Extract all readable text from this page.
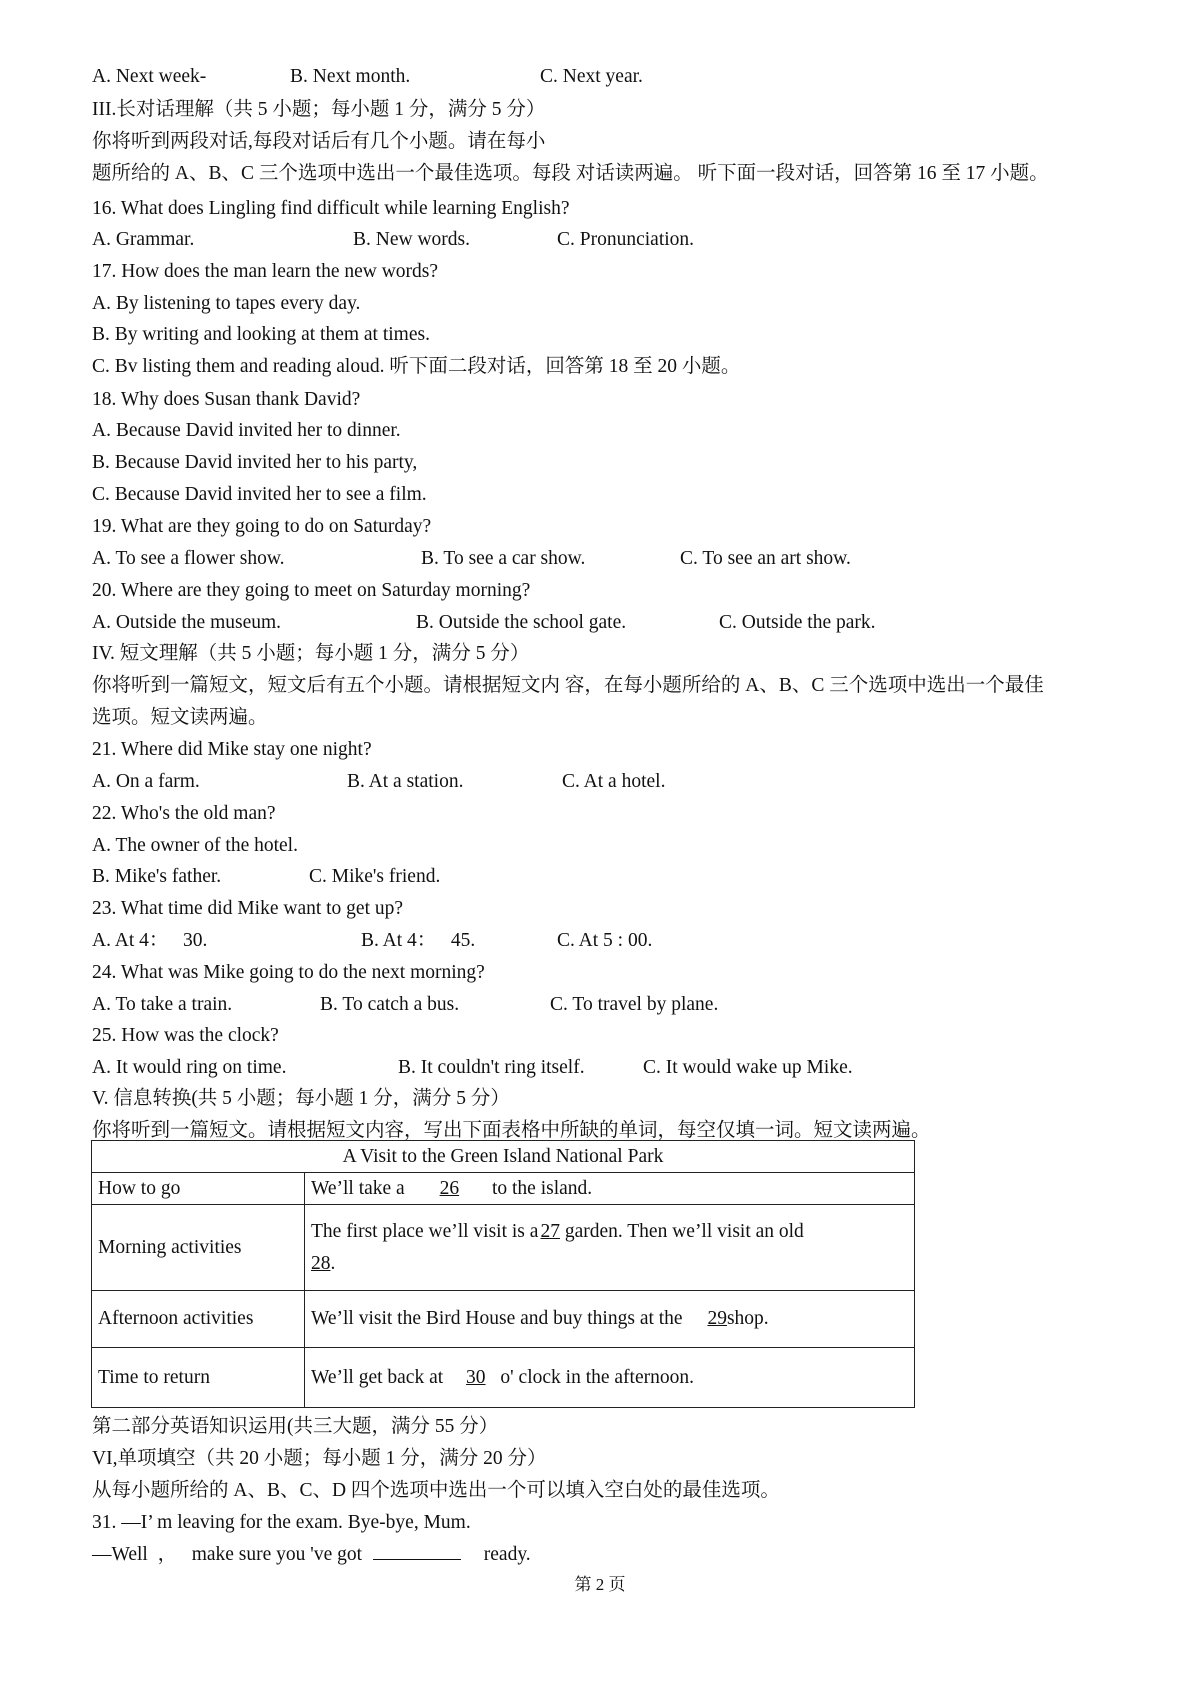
A. Next week-	B. Next month.	C. Next year.
III.长对话理解（共 5 小题；每小题 1 分，满分 5 分）
你将听到两段对话,每段对话后有几个小题。请在每小
题所给的 A、B、C 三个选项中选出一个最佳选项。每段 对话读两遍。 听下面一段对话，回答第 16 至 17 小题。
16. What does Lingling find difficult while learning English?
A. Grammar.	B. New words.	C. Pronunciation.
17. How does the man learn the new words?
A. By listening to tapes every day.
B. By writing and looking at them at times.
C. Bv listing them and reading aloud. 听下面二段对话，回答第 18 至 20 小题。
18. Why does Susan thank David?
A. Because David invited her to dinner.
B. Because David invited her to his party,
C. Because David invited her to see a film.
19. What are they going to do on Saturday?
A. To see a flower show.	B. To see a car show.	C. To see an art show.
20. Where are they going to meet on Saturday morning?
A. Outside the museum.	B. Outside the school gate.	C. Outside the park.
IV. 短文理解（共 5 小题；每小题 1 分，满分 5 分）
你将听到一篇短文，短文后有五个小题。请根据短文内 容，在每小题所给的 A、B、C 三个选项中选出一个最佳
选项。短文读两遍。
21. Where did Mike stay one night?
A. On a farm.	B. At a station.	C. At a hotel.
22. Who's the old man?
A. The owner of the hotel.
B. Mike's father.	C. Mike's friend.
23. What time did Mike want to get up?
A. At 4：   30.	B. At 4：   45.	C. At 5 : 00.
24. What was Mike going to do the next morning?
A. To take a train.	B. To catch a bus.	C. To travel by plane.
25. How was the clock?
A. It would ring on time.	B. It couldn't ring itself.	C. It would wake up Mike.
V. 信息转换(共 5 小题；每小题 1 分，满分 5 分）
你将听到一篇短文。请根据短文内容，写出下面表格中所缺的单词，每空仅填一词。短文读两遍。
A Visit to the Green Island National Park	
How to go	We’ll take a 26 to the island.
Morning activities	The first place we’ll visit is a 27 garden. Then we’ll visit an old
28.
Afternoon activities	We’ll visit the Bird House and buy things at the 29shop.
Time to return	We’ll get back at 30 o' clock in the afternoon.
第二部分英语知识运用(共三大题，满分 55 分）
VI,单项填空（共 20 小题；每小题 1 分，满分 20 分）
从每小题所给的 A、B、C、D 四个选项中选出一个可以填入空白处的最佳选项。
31. —I’ m leaving for the exam. Bye-bye, Mum.
—Well  ，   make sure you 've got	ready.
第 2 页
